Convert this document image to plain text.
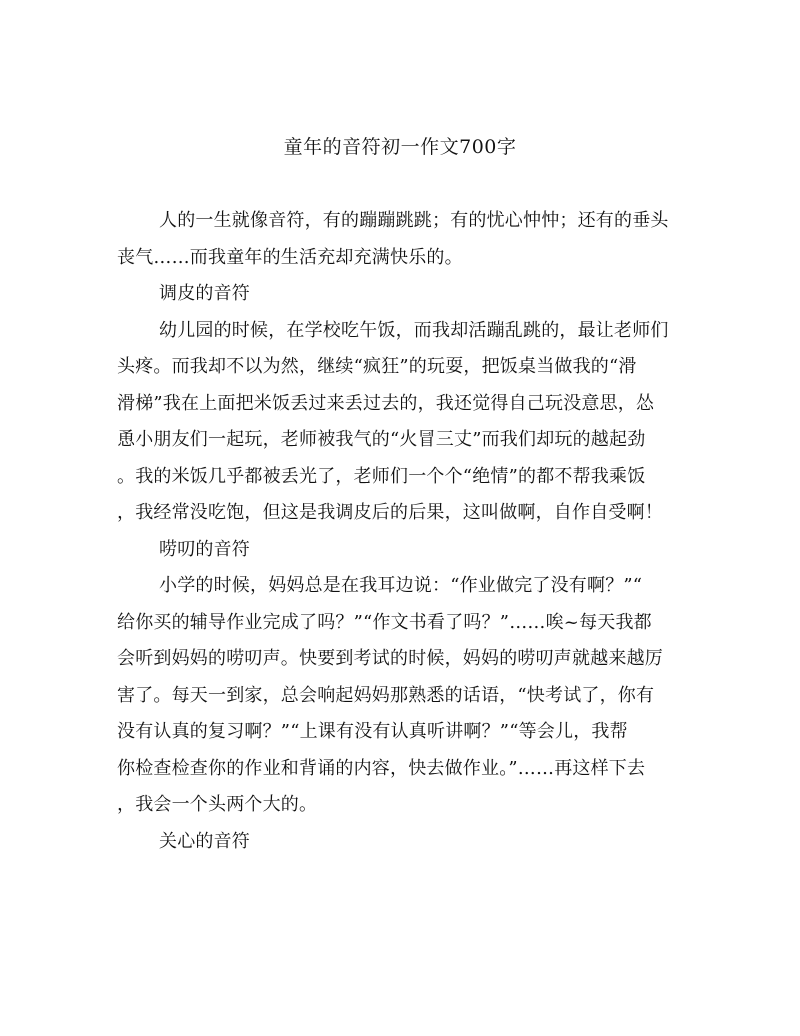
童年的音符初一作文700字
人的一生就像音符，有的蹦蹦跳跳；有的忧心忡忡；还有的垂头
丧气……而我童年的生活充却充满快乐的。
调皮的音符
幼儿园的时候，在学校吃午饭，而我却活蹦乱跳的，最让老师们
头疼。而我却不以为然，继续“疯狂”的玩耍，把饭桌当做我的“滑
滑梯”我在上面把米饭丢过来丢过去的，我还觉得自己玩没意思，怂
恿小朋友们一起玩，老师被我气的“火冒三丈”而我们却玩的越起劲
。我的米饭几乎都被丢光了，老师们一个个“绝情”的都不帮我乘饭
，我经常没吃饱，但这是我调皮后的后果，这叫做啊，自作自受啊！
唠叨的音符
小学的时候，妈妈总是在我耳边说：“作业做完了没有啊？”“
给你买的辅导作业完成了吗？”“作文书看了吗？”……唉~每天我都
会听到妈妈的唠叨声。快要到考试的时候，妈妈的唠叨声就越来越厉
害了。每天一到家，总会响起妈妈那熟悉的话语，“快考试了，你有
没有认真的复习啊？”“上课有没有认真听讲啊？”“等会儿，我帮
你检查检查你的作业和背诵的内容，快去做作业。”……再这样下去
，我会一个头两个大的。
关心的音符
